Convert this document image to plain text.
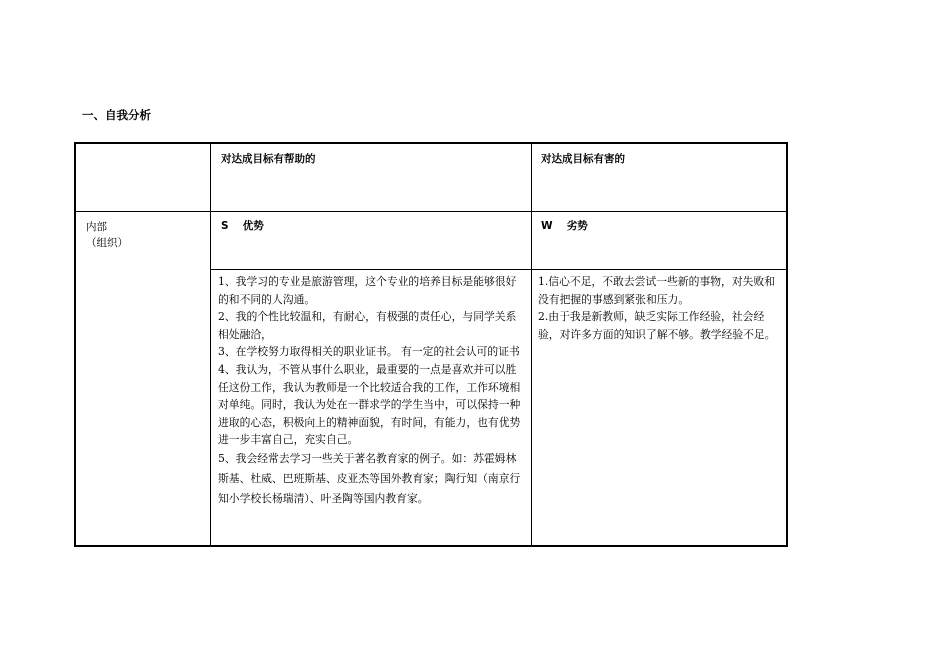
一、自我分析
对达成目标有帮助的	对达成目标有害的
内部
（组织）
S　 优势	W　 劣势

1、我学习的专业是旅游管理，这个专业的培养目标是能够很好的和不同的人沟通。

2、我的个性比较温和，有耐心，有极强的责任心，与同学关系相处融洽，

3、在学校努力取得相关的职业证书。 有一定的社会认可的证书

4、我认为，不管从事什么职业，最重要的一点是喜欢并可以胜任这份工作，我认为教师是一个比较适合我的工作，工作环境相对单纯。同时，我认为处在一群求学的学生当中，可以保持一种进取的心态，积极向上的精神面貌，有时间，有能力，也有优势进一步丰富自己，充实自己。

5、我会经常去学习一些关于著名教育家的例子。如：苏霍姆林斯基、杜威、巴班斯基、皮亚杰等国外教育家；陶行知（南京行知小学校长杨瑞清）、叶圣陶等国内教育家。

1.信心不足，不敢去尝试一些新的事物，对失败和没有把握的事感到紧张和压力。

2.由于我是新教师，缺乏实际工作经验，社会经验，对许多方面的知识了解不够。教学经验不足。
